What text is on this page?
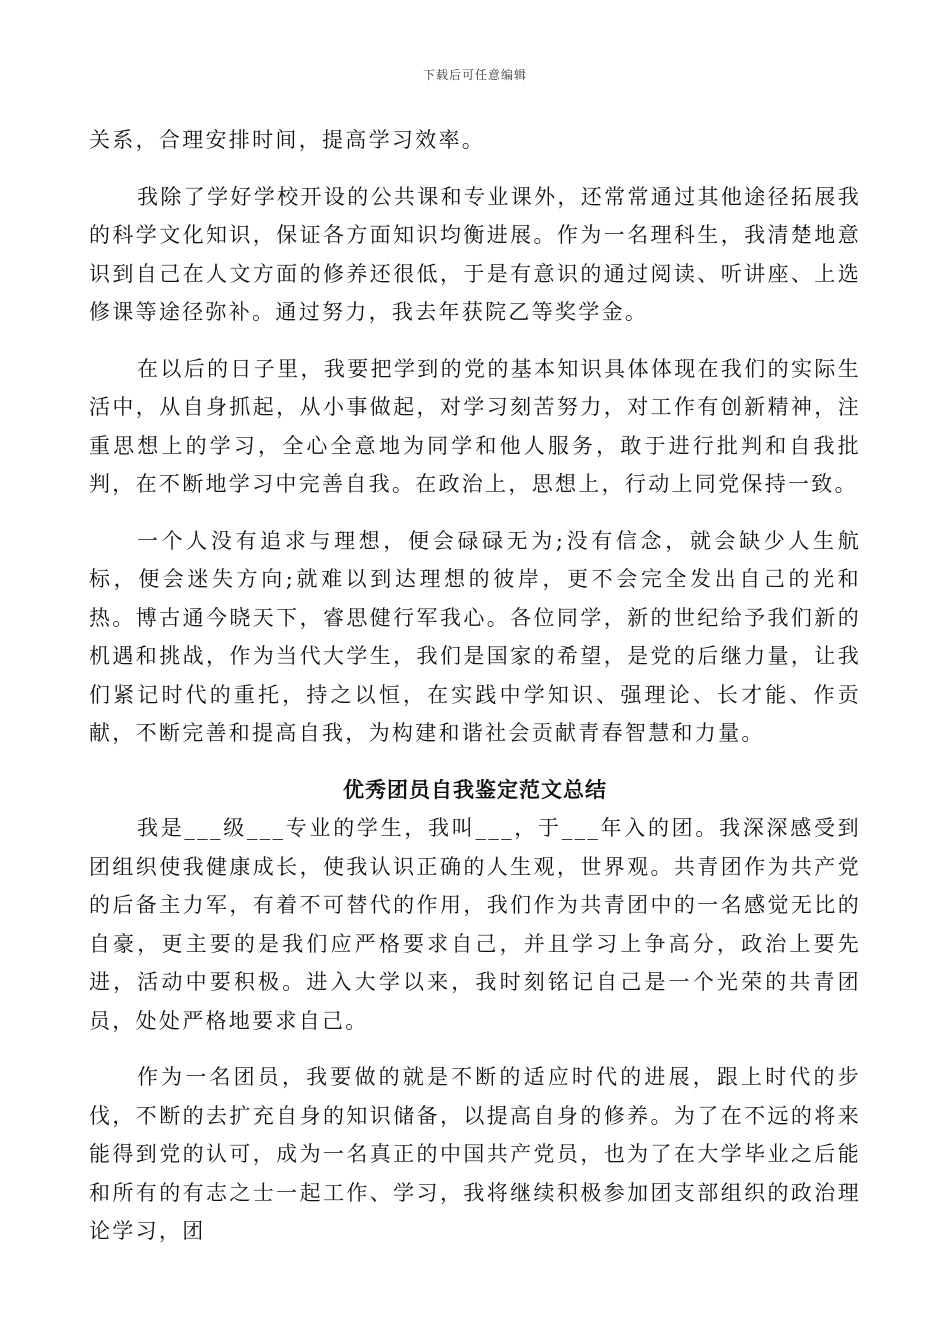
下载后可任意编辑

关系，合理安排时间，提高学习效率。

我除了学好学校开设的公共课和专业课外，还常常通过其他途径拓展我的科学文化知识，保证各方面知识均衡进展。作为一名理科生，我清楚地意识到自己在人文方面的修养还很低，于是有意识的通过阅读、听讲座、上选修课等途径弥补。通过努力，我去年获院乙等奖学金。

在以后的日子里，我要把学到的党的基本知识具体体现在我们的实际生活中，从自身抓起，从小事做起，对学习刻苦努力，对工作有创新精神，注重思想上的学习，全心全意地为同学和他人服务，敢于进行批判和自我批判，在不断地学习中完善自我。在政治上，思想上，行动上同党保持一致。

一个人没有追求与理想，便会碌碌无为;没有信念，就会缺少人生航标，便会迷失方向;就难以到达理想的彼岸，更不会完全发出自己的光和热。博古通今晓天下，睿思健行军我心。各位同学，新的世纪给予我们新的机遇和挑战，作为当代大学生，我们是国家的希望，是党的后继力量，让我们紧记时代的重托，持之以恒，在实践中学知识、强理论、长才能、作贡献，不断完善和提高自我，为构建和谐社会贡献青春智慧和力量。

优秀团员自我鉴定范文总结

我是___级___专业的学生，我叫___，于___年入的团。我深深感受到团组织使我健康成长，使我认识正确的人生观，世界观。共青团作为共产党的后备主力军，有着不可替代的作用，我们作为共青团中的一名感觉无比的自豪，更主要的是我们应严格要求自己，并且学习上争高分，政治上要先进，活动中要积极。进入大学以来，我时刻铭记自己是一个光荣的共青团员，处处严格地要求自己。

作为一名团员，我要做的就是不断的适应时代的进展，跟上时代的步伐，不断的去扩充自身的知识储备，以提高自身的修养。为了在不远的将来能得到党的认可，成为一名真正的中国共产党员，也为了在大学毕业之后能和所有的有志之士一起工作、学习，我将继续积极参加团支部组织的政治理论学习，团
